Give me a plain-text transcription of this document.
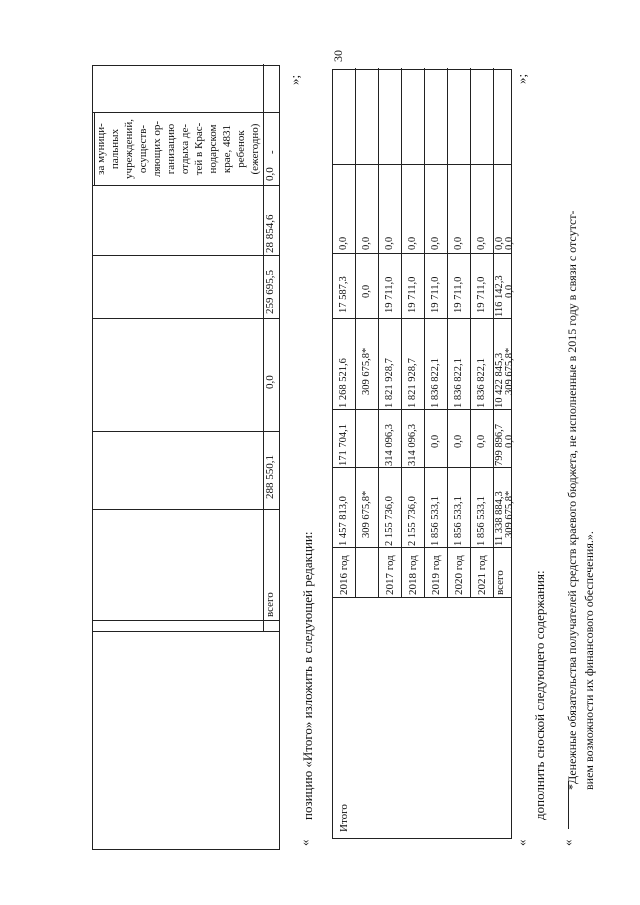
30
всего
288 550,1
0,0
259 695,5
28 854,6
0,0
за муници- пальных учреждений, осуществ- ляющих ор- ганизацию отдыха де- тей в Крас- нодарском крае, 4831 ребенок (ежегодно) -
»;
«
позицию «Итого» изложить в следующей редакции: Итого
2016 год
1 457 813,0
171 704,1
1 268 521,6
17 587,3
0,0
309 675,8*
309 675,8*
0,0
0,0
2017 год
2 155 736,0
314 096,3
1 821 928,7
19 711,0
0,0
2018 год
2 155 736,0
314 096,3
1 821 928,7
19 711,0
0,0
2019 год
1 856 533,1
0,0
1 836 822,1
19 711,0
0,0
2020 год
1 856 533,1
0,0
1 836 822,1
19 711,0
0,0
2021 год
1 856 533,1
0,0
1 836 822,1
19 711,0
0,0
всего
11 338 884,3
799 896,7
10 422 845,3
116 142,3
0,0
309 675,8*
0,0
309 675,8*
0,0
0,0
»;
«
дополнить сноской следующего содержания:
«
*Денежные обязательства получателей средств краевого бюджета, не исполненные в 2015 году в связи с отсутст- вием возможности их финансового обеспечения.».
